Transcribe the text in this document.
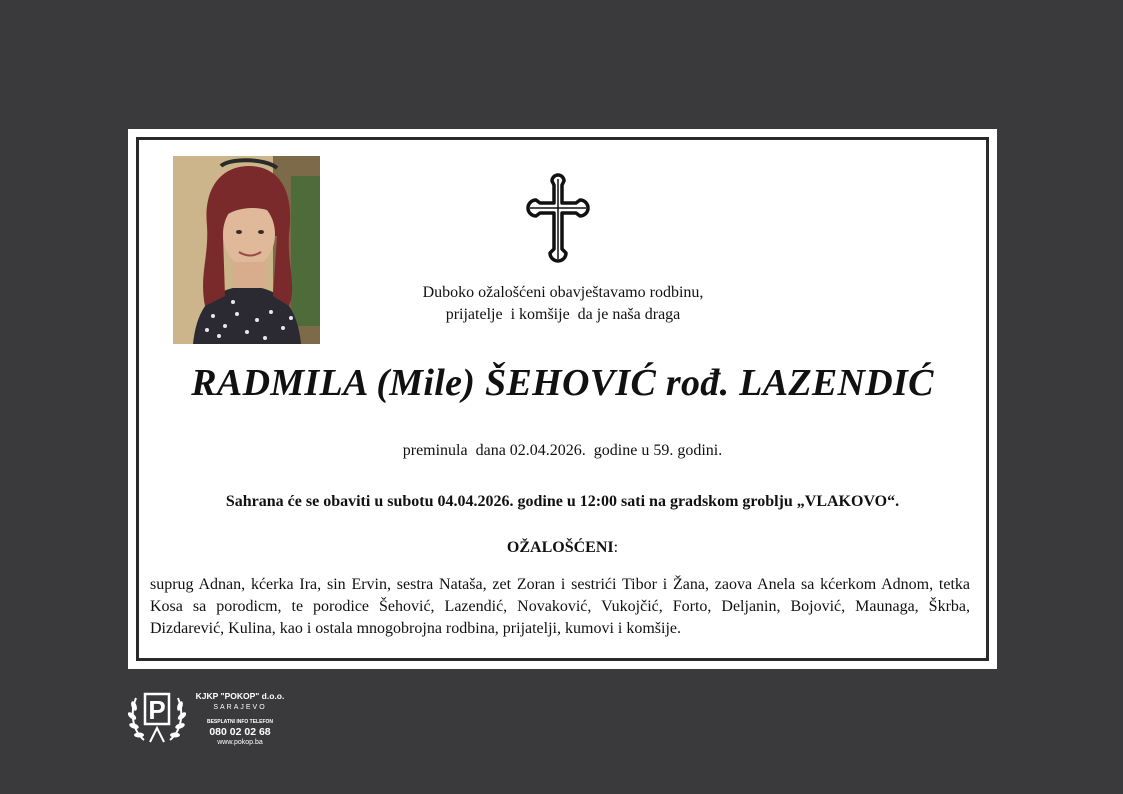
Duboko ožalošćeni obavještavamo rodbinu,
prijatelje  i komšije  da je naša draga
RADMILA (Mile) ŠEHOVIĆ rođ. LAZENDIĆ
preminula  dana 02.04.2026.  godine u 59. godini.
Sahrana će se obaviti u subotu 04.04.2026. godine u 12:00 sati na gradskom groblju „VLAKOVO“.
OŽALOŠĆENI:
suprug Adnan, kćerka Ira, sin Ervin, sestra Nataša, zet Zoran i sestrići Tibor i Žana, zaova Anela sa kćerkom Adnom, tetka Kosa sa porodicm, te porodice Šehović, Lazendić, Novaković, Vukojčić, Forto, Deljanin, Bojović, Maunaga, Škrba, Dizdarević, Kulina, kao i ostala mnogobrojna rodbina, prijatelji, kumovi i komšije.
P	KJKP "POKOP" d.o.o.
SARAJEVO
BESPLATNI INFO TELEFON
080 02 02 68
www.pokop.ba
